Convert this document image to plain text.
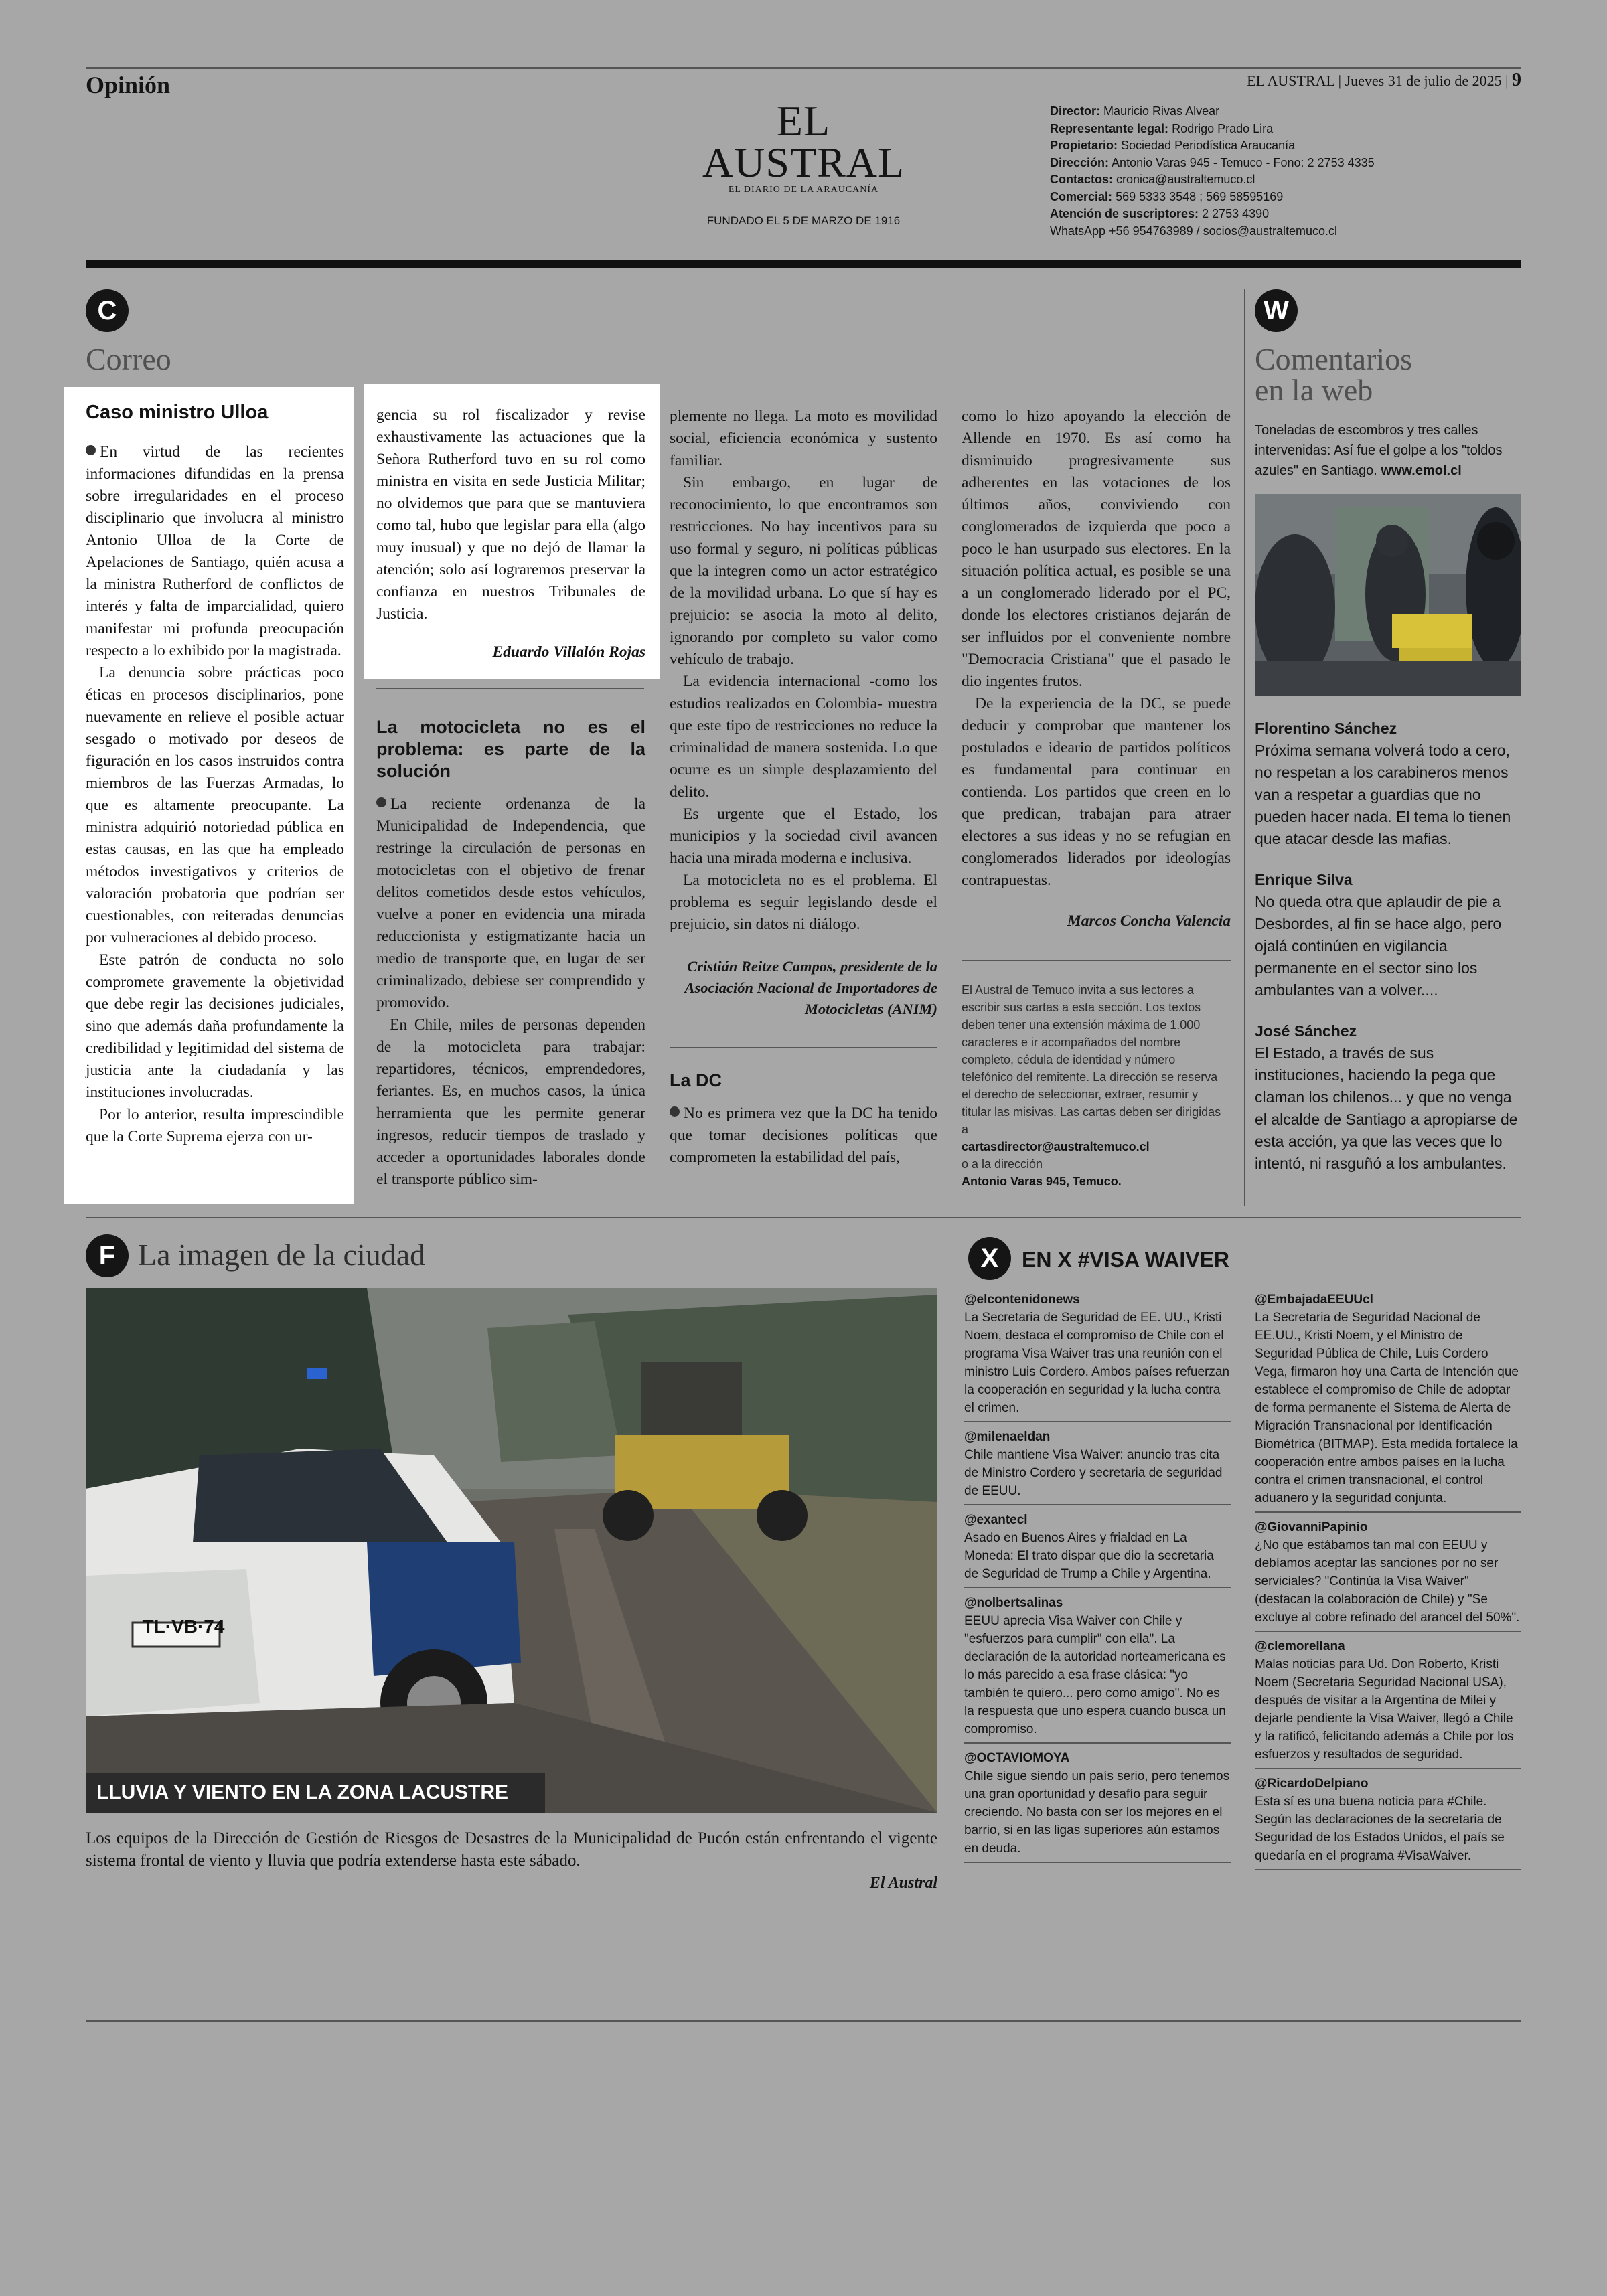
Opinión
EL AUSTRAL
EL DIARIO DE LA ARAUCANÍA
FUNDADO EL 5 DE MARZO DE 1916
EL AUSTRAL | Jueves 31 de julio de 2025 | 9
Director: Mauricio Rivas Alvear
Representante legal: Rodrigo Prado Lira
Propietario: Sociedad Periodística Araucanía
Dirección: Antonio Varas 945 - Temuco - Fono: 2 2753 4335
Contactos: cronica@australtemuco.cl
Comercial: 569 5333 3548 ; 569 58595169
Atención de suscriptores: 2 2753 4390
WhatsApp +56 954763989 / socios@australtemuco.cl
C
Correo
Caso ministro Ulloa

En virtud de las recientes informaciones difundidas en la prensa sobre irregularidades en el proceso disciplinario que involucra al ministro Antonio Ulloa de la Corte de Apelaciones de Santiago, quién acusa a la ministra Rutherford de conflictos de interés y falta de imparcialidad, quiero manifestar mi profunda preocupación respecto a lo exhibido por la magistrada.

La denuncia sobre prácticas poco éticas en procesos disciplinarios, pone nuevamente en relieve el posible actuar sesgado o motivado por deseos de figuración en los casos instruidos contra miembros de las Fuerzas Armadas, lo que es altamente preocupante. La ministra adquirió notoriedad pública en estas causas, en las que ha empleado métodos investigativos y criterios de valoración probatoria que podrían ser cuestionables, con reiteradas denuncias por vulneraciones al debido proceso.

Este patrón de conducta no solo compromete gravemente la objetividad que debe regir las decisiones judiciales, sino que además daña profundamente la credibilidad y legitimidad del sistema de justicia ante la ciudadanía y las instituciones involucradas.

Por lo anterior, resulta imprescindible que la Corte Suprema ejerza con ur-

gencia su rol fiscalizador y revise exhaustivamente las actuaciones que la Señora Rutherford tuvo en su rol como ministra en visita en sede Justicia Militar; no olvidemos que para que se mantuviera como tal, hubo que legislar para ella (algo muy inusual) y que no dejó de llamar la atención; solo así lograremos preservar la confianza en nuestros Tribunales de Justicia.

Eduardo Villalón Rojas

La motocicleta no es el problema: es parte de la solución

La reciente ordenanza de la Municipalidad de Independencia, que restringe la circulación de personas en motocicletas con el objetivo de frenar delitos cometidos desde estos vehículos, vuelve a poner en evidencia una mirada reduccionista y estigmatizante hacia un medio de transporte que, en lugar de ser criminalizado, debiese ser comprendido y promovido.

En Chile, miles de personas dependen de la motocicleta para trabajar: repartidores, técnicos, emprendedores, feriantes. Es, en muchos casos, la única herramienta que les permite generar ingresos, reducir tiempos de traslado y acceder a oportunidades laborales donde el transporte público sim-

plemente no llega. La moto es movilidad social, eficiencia económica y sustento familiar.

Sin embargo, en lugar de reconocimiento, lo que encontramos son restricciones. No hay incentivos para su uso formal y seguro, ni políticas públicas que la integren como un actor estratégico de la movilidad urbana. Lo que sí hay es prejuicio: se asocia la moto al delito, ignorando por completo su valor como vehículo de trabajo.

La evidencia internacional -como los estudios realizados en Colombia- muestra que este tipo de restricciones no reduce la criminalidad de manera sostenida. Lo que ocurre es un simple desplazamiento del delito.

Es urgente que el Estado, los municipios y la sociedad civil avancen hacia una mirada moderna e inclusiva.

La motocicleta no es el problema. El problema es seguir legislando desde el prejuicio, sin datos ni diálogo.

Cristián Reitze Campos, presidente de la Asociación Nacional de Importadores de Motocicletas (ANIM)

La DC

No es primera vez que la DC ha tenido que tomar decisiones políticas que comprometen la estabilidad del país,

como lo hizo apoyando la elección de Allende en 1970. Es así como ha disminuido progresivamente sus adherentes en las votaciones de los últimos años, conviviendo con conglomerados de izquierda que poco a poco le han usurpado sus electores. En la situación política actual, es posible se una a un conglomerado liderado por el PC, donde los electores cristianos dejarán de ser influidos por el conveniente nombre "Democracia Cristiana" que el pasado le dio ingentes frutos.

De la experiencia de la DC, se puede deducir y comprobar que mantener los postulados e ideario de partidos políticos es fundamental para continuar en contienda. Los partidos que creen en lo que predican, trabajan para atraer electores a sus ideas y no se refugian en conglomerados liderados por ideologías contrapuestas.

Marcos Concha Valencia

El Austral de Temuco invita a sus lectores a escribir sus cartas a esta sección. Los textos deben tener una extensión máxima de 1.000 caracteres e ir acompañados del nombre completo, cédula de identidad y número telefónico del remitente. La dirección se reserva el derecho de seleccionar, extraer, resumir y titular las misivas. Las cartas deben ser dirigidas a
cartasdirector@australtemuco.cl
o a la dirección
Antonio Varas 945, Temuco.
W
Comentarios
en la web
Toneladas de escombros y tres calles intervenidas: Así fue el golpe a los "toldos azules" en Santiago. www.emol.cl
Florentino Sánchez
Próxima semana volverá todo a cero, no respetan a los carabineros menos van a respetar a guardias que no pueden hacer nada. El tema lo tienen que atacar desde las mafias.
Enrique Silva
No queda otra que aplaudir de pie a Desbordes, al fin se hace algo, pero ojalá continúen en vigilancia permanente en el sector sino los ambulantes van a volver....
José Sánchez
El Estado, a través de sus instituciones, haciendo la pega que claman los chilenos... y que no venga el alcalde de Santiago a apropiarse de esta acción, ya que las veces que lo intentó, ni rasguñó a los ambulantes.
F La imagen de la ciudad
TL·VB·74
LLUVIA Y VIENTO EN LA ZONA LACUSTRE
Los equipos de la Dirección de Gestión de Riesgos de Desastres de la Municipalidad de Pucón están enfrentando el vigente sistema frontal de viento y lluvia que podría extenderse hasta este sábado.
El Austral
X	EN X #VISA WAIVER
@elcontenidonews
La Secretaria de Seguridad de EE. UU., Kristi Noem, destaca el compromiso de Chile con el programa Visa Waiver tras una reunión con el ministro Luis Cordero. Ambos países refuerzan la cooperación en seguridad y la lucha contra el crimen.
@milenaeldan
Chile mantiene Visa Waiver: anuncio tras cita de Ministro Cordero y secretaria de seguridad de EEUU.
@exantecl
Asado en Buenos Aires y frialdad en La Moneda: El trato dispar que dio la secretaria de Seguridad de Trump a Chile y Argentina.
@nolbertsalinas
EEUU aprecia Visa Waiver con Chile y "esfuerzos para cumplir" con ella". La declaración de la autoridad norteamericana es lo más parecido a esa frase clásica: "yo también te quiero... pero como amigo". No es la respuesta que uno espera cuando busca un compromiso.
@OCTAVIOMOYA
Chile sigue siendo un país serio, pero tenemos una gran oportunidad y desafío para seguir creciendo. No basta con ser los mejores en el barrio, si en las ligas superiores aún estamos en deuda.
@EmbajadaEEUUcl
La Secretaria de Seguridad Nacional de EE.UU., Kristi Noem, y el Ministro de Seguridad Pública de Chile, Luis Cordero Vega, firmaron hoy una Carta de Intención que establece el compromiso de Chile de adoptar de forma permanente el Sistema de Alerta de Migración Transnacional por Identificación Biométrica (BITMAP). Esta medida fortalece la cooperación entre ambos países en la lucha contra el crimen transnacional, el control aduanero y la seguridad conjunta.
@GiovanniPapinio
¿No que estábamos tan mal con EEUU y debíamos aceptar las sanciones por no ser serviciales? "Continúa la Visa Waiver" (destacan la colaboración de Chile) y "Se excluye al cobre refinado del arancel del 50%".
@clemorellana
Malas noticias para Ud. Don Roberto, Kristi Noem (Secretaria Seguridad Nacional USA), después de visitar a la Argentina de Milei y dejarle pendiente la Visa Waiver, llegó a Chile y la ratificó, felicitando además a Chile por los esfuerzos y resultados de seguridad.
@RicardoDelpiano
Esta sí es una buena noticia para #Chile. Según las declaraciones de la secretaria de Seguridad de los Estados Unidos, el país se quedaría en el programa #VisaWaiver.
